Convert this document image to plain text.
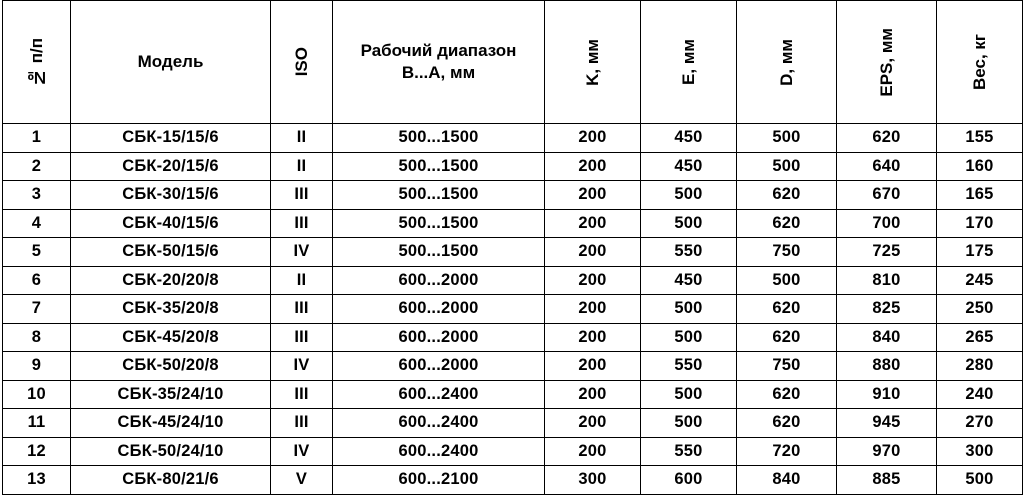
№ п/п	Модель	ISO	Рабочий диапазон B...A, мм	K, мм	E, мм	D, мм	EPS, мм	Вес, кг

1	СБК-15/15/6	II	500...1500	200	450	500	620	155
2	СБК-20/15/6	II	500...1500	200	450	500	640	160
3	СБК-30/15/6	III	500...1500	200	500	620	670	165
4	СБК-40/15/6	III	500...1500	200	500	620	700	170
5	СБК-50/15/6	IV	500...1500	200	550	750	725	175
6	СБК-20/20/8	II	600...2000	200	450	500	810	245
7	СБК-35/20/8	III	600...2000	200	500	620	825	250
8	СБК-45/20/8	III	600...2000	200	500	620	840	265
9	СБК-50/20/8	IV	600...2000	200	550	750	880	280
10	СБК-35/24/10	III	600...2400	200	500	620	910	240
11	СБК-45/24/10	III	600...2400	200	500	620	945	270
12	СБК-50/24/10	IV	600...2400	200	550	720	970	300
13	СБК-80/21/6	V	600...2100	300	600	840	885	500
